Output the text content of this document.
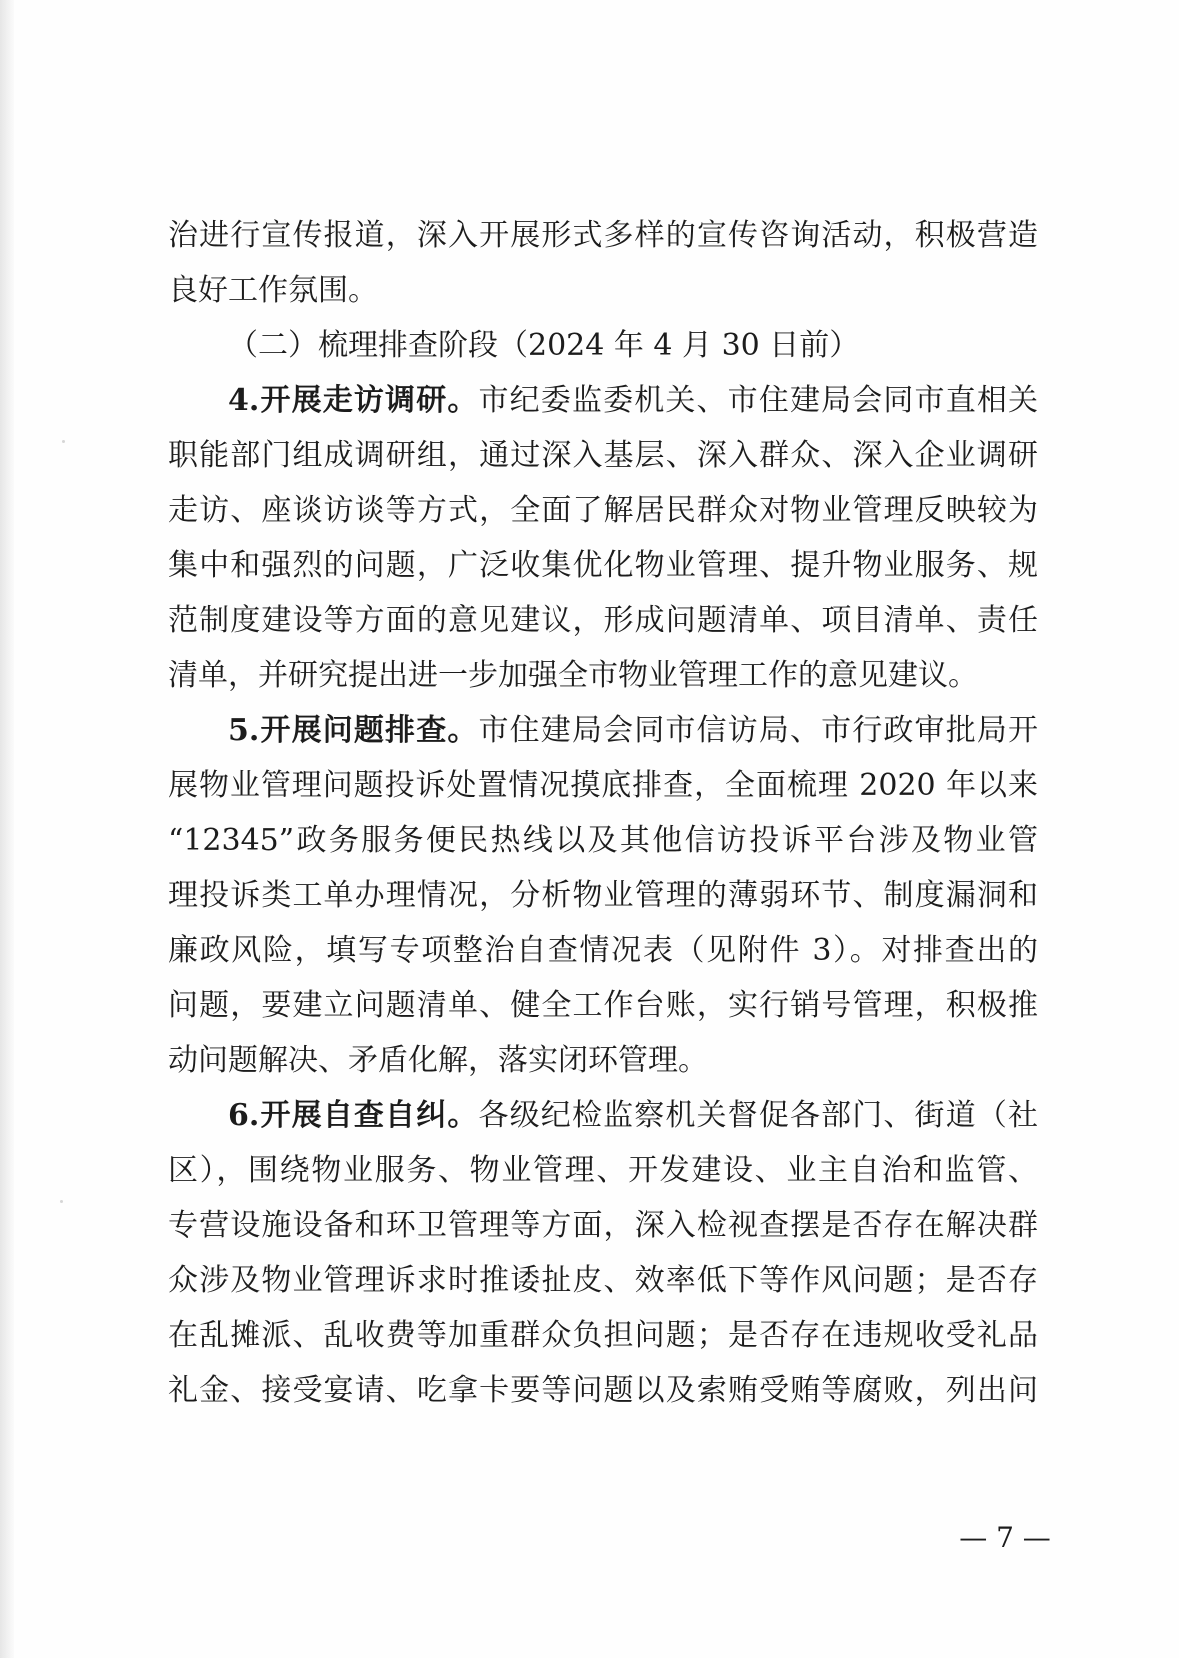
治进行宣传报道，深入开展形式多样的宣传咨询活动，积极营造
良好工作氛围。
（二）梳理排查阶段（2024 年 4 月 30 日前）
4.开展走访调研。市纪委监委机关、市住建局会同市直相关
职能部门组成调研组，通过深入基层、深入群众、深入企业调研
走访、座谈访谈等方式，全面了解居民群众对物业管理反映较为
集中和强烈的问题，广泛收集优化物业管理、提升物业服务、规
范制度建设等方面的意见建议，形成问题清单、项目清单、责任
清单，并研究提出进一步加强全市物业管理工作的意见建议。
5.开展问题排查。市住建局会同市信访局、市行政审批局开
展物业管理问题投诉处置情况摸底排查，全面梳理 2020 年以来
“12345”政务服务便民热线以及其他信访投诉平台涉及物业管
理投诉类工单办理情况，分析物业管理的薄弱环节、制度漏洞和
廉政风险，填写专项整治自查情况表（见附件 3）。对排查出的
问题，要建立问题清单、健全工作台账，实行销号管理，积极推
动问题解决、矛盾化解，落实闭环管理。
6.开展自查自纠。各级纪检监察机关督促各部门、街道（社
区），围绕物业服务、物业管理、开发建设、业主自治和监管、
专营设施设备和环卫管理等方面，深入检视查摆是否存在解决群
众涉及物业管理诉求时推诿扯皮、效率低下等作风问题；是否存
在乱摊派、乱收费等加重群众负担问题；是否存在违规收受礼品
礼金、接受宴请、吃拿卡要等问题以及索贿受贿等腐败，列出问
— 7 —
